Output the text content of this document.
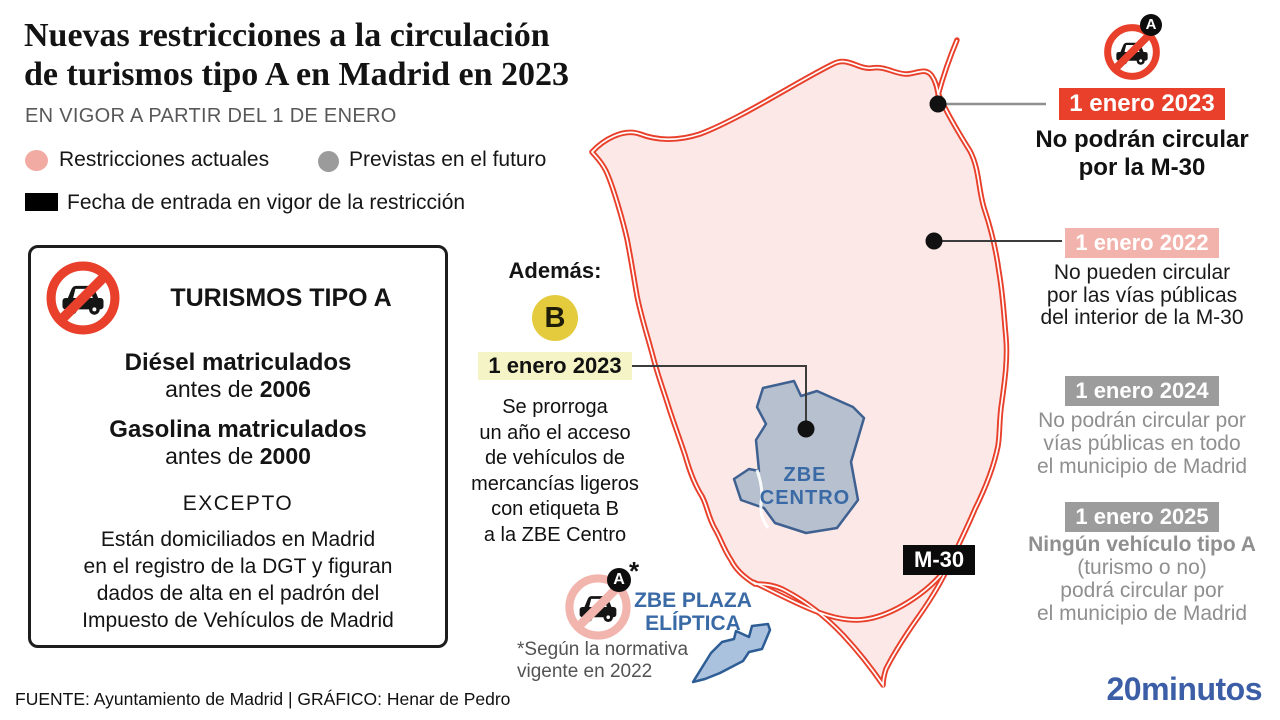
Nuevas restricciones a la circulación
de turismos tipo A en Madrid en 2023
EN VIGOR A PARTIR DEL 1 DE ENERO
Restricciones actuales	Previstas en el futuro
Fecha de entrada en vigor de la restricción
TURISMOS TIPO A
Diésel matriculados
antes de 2006
Gasolina matriculados
antes de 2000
EXCEPTO
Están domiciliados en Madrid
en el registro de la DGT y figuran
dados de alta en el padrón del
Impuesto de Vehículos de Madrid
Además:
B
1 enero 2023
Se prorroga
un año el acceso
de vehículos de
mercancías ligeros
con etiqueta B
a la ZBE Centro
M-30
ZBE
CENTRO
ZBE PLAZA
ELÍPTICA
*Según la normativa
vigente en 2022
A *
A
1 enero 2023
No podrán circular
por la M-30
1 enero 2022
No pueden circular
por las vías públicas
del interior de la M-30
1 enero 2024
No podrán circular por
vías públicas en todo
el municipio de Madrid
1 enero 2025
Ningún vehículo tipo A
(turismo o no)
podrá circular por
el municipio de Madrid
FUENTE: Ayuntamiento de Madrid | GRÁFICO: Henar de Pedro	20minutos
